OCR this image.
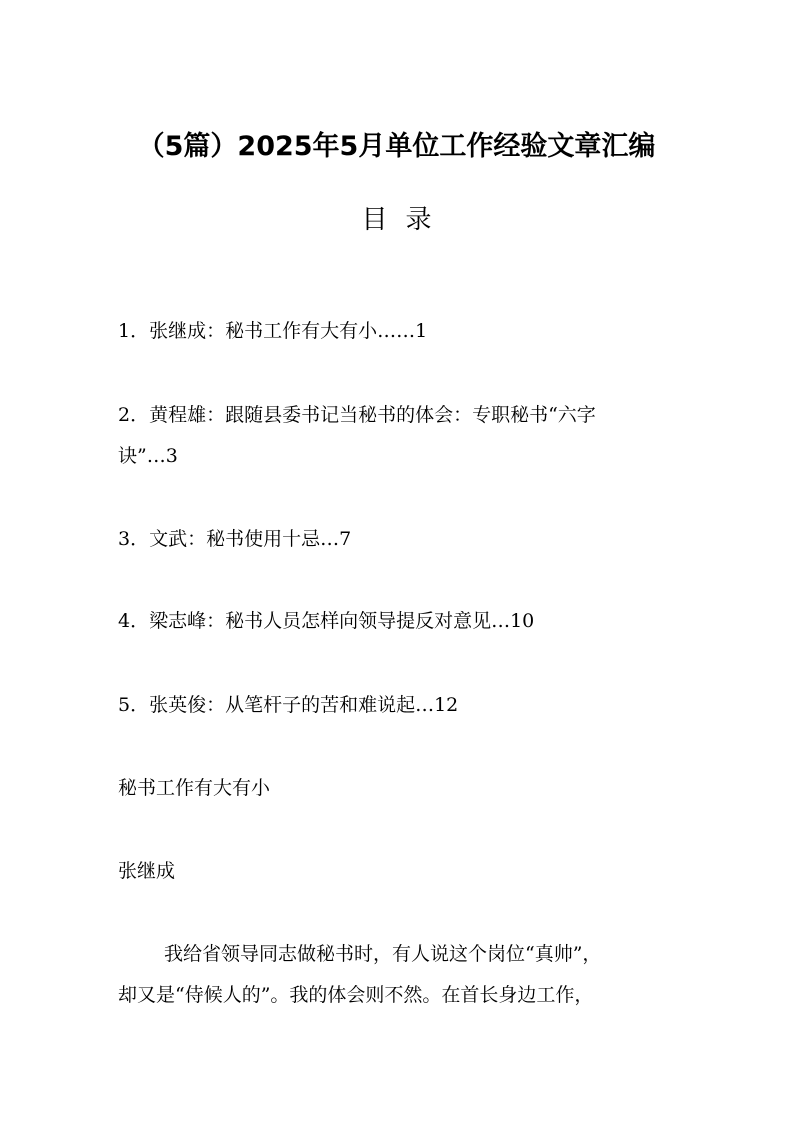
（5篇）2025年5月单位工作经验文章汇编
目录
1．张继成：秘书工作有大有小……1
2．黄程雄：跟随县委书记当秘书的体会：专职秘书“六字
诀”…3
3．文武：秘书使用十忌…7
4．梁志峰：秘书人员怎样向领导提反对意见…10
5．张英俊：从笔杆子的苦和难说起…12
秘书工作有大有小
张继成
我给省领导同志做秘书时，有人说这个岗位“真帅”，
却又是“侍候人的”。我的体会则不然。在首长身边工作，
